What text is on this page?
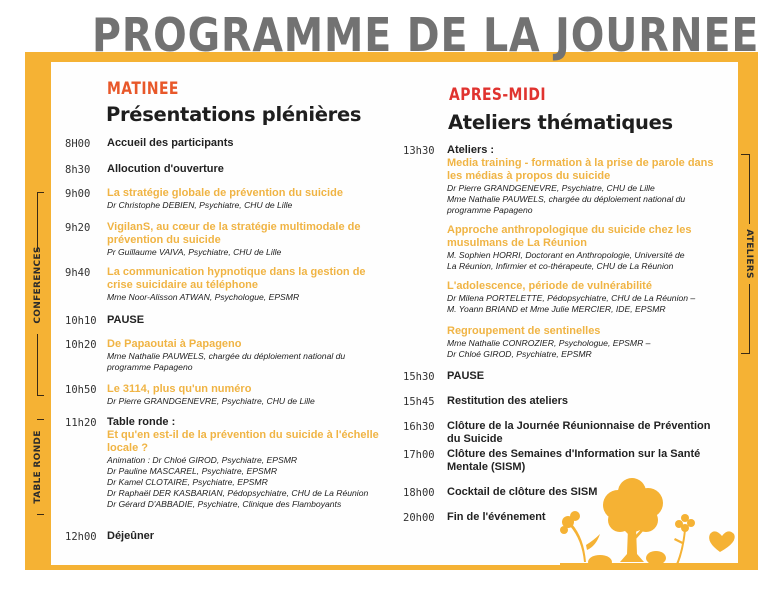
PROGRAMME DE LA JOURNEE
CONFERENCES
TABLE RONDE
ATELIERS
MATINEE
Présentations plénières
8H00 Accueil des participants
8h30 Allocution d'ouverture
9h00 La stratégie globale de prévention du suicide
Dr Christophe DEBIEN, Psychiatre, CHU de Lille
9h20 VigilanS, au cœur de la stratégie multimodale de
prévention du suicide
Pr Guillaume VAIVA, Psychiatre, CHU de Lille
9h40 La communication hypnotique dans la gestion de
crise suicidaire au téléphone
Mme Noor-Alisson ATWAN, Psychologue, EPSMR
10h10 PAUSE
10h20 De Papaoutai à Papageno
Mme Nathalie PAUWELS, chargée du déploiement national du
programme Papageno
10h50 Le 3114, plus qu'un numéro
Dr Pierre GRANDGENEVRE, Psychiatre, CHU de Lille
11h20 Table ronde :
Et qu'en est-il de la prévention du suicide à l'échelle
locale ?
Animation : Dr Chloé GIROD, Psychiatre, EPSMR
Dr Pauline MASCAREL, Psychiatre, EPSMR
Dr Kamel CLOTAIRE, Psychiatre, EPSMR
Dr Raphaël DER KASBARIAN, Pédopsychiatre, CHU de La Réunion
Dr Gérard D'ABBADIE, Psychiatre, Clinique des Flamboyants
12h00 Déjeûner
APRES-MIDI
Ateliers thématiques
13h30 Ateliers :
Media training - formation à la prise de parole dans
les médias à propos du suicide
Dr Pierre GRANDGENEVRE, Psychiatre, CHU de Lille
Mme Nathalie PAUWELS, chargée du déploiement national du
programme Papageno
Approche anthropologique du suicide chez les
musulmans de La Réunion
M. Sophien HORRI, Doctorant en Anthropologie, Université de
La Réunion, Infirmier et co-thérapeute, CHU de La Réunion
L'adolescence, période de vulnérabilité
Dr Milena PORTELETTE, Pédopsychiatre, CHU de La Réunion –
M. Yoann BRIAND et Mme Julie MERCIER, IDE, EPSMR
Regroupement de sentinelles
Mme Nathalie CONROZIER, Psychologue, EPSMR –
Dr Chloé GIROD, Psychiatre, EPSMR
15h30 PAUSE
15h45 Restitution des ateliers
16h30 Clôture de la Journée Réunionnaise de Prévention
du Suicide
17h00 Clôture des Semaines d'Information sur la Santé
Mentale (SISM)
18h00 Cocktail de clôture des SISM
20h00 Fin de l'événement
